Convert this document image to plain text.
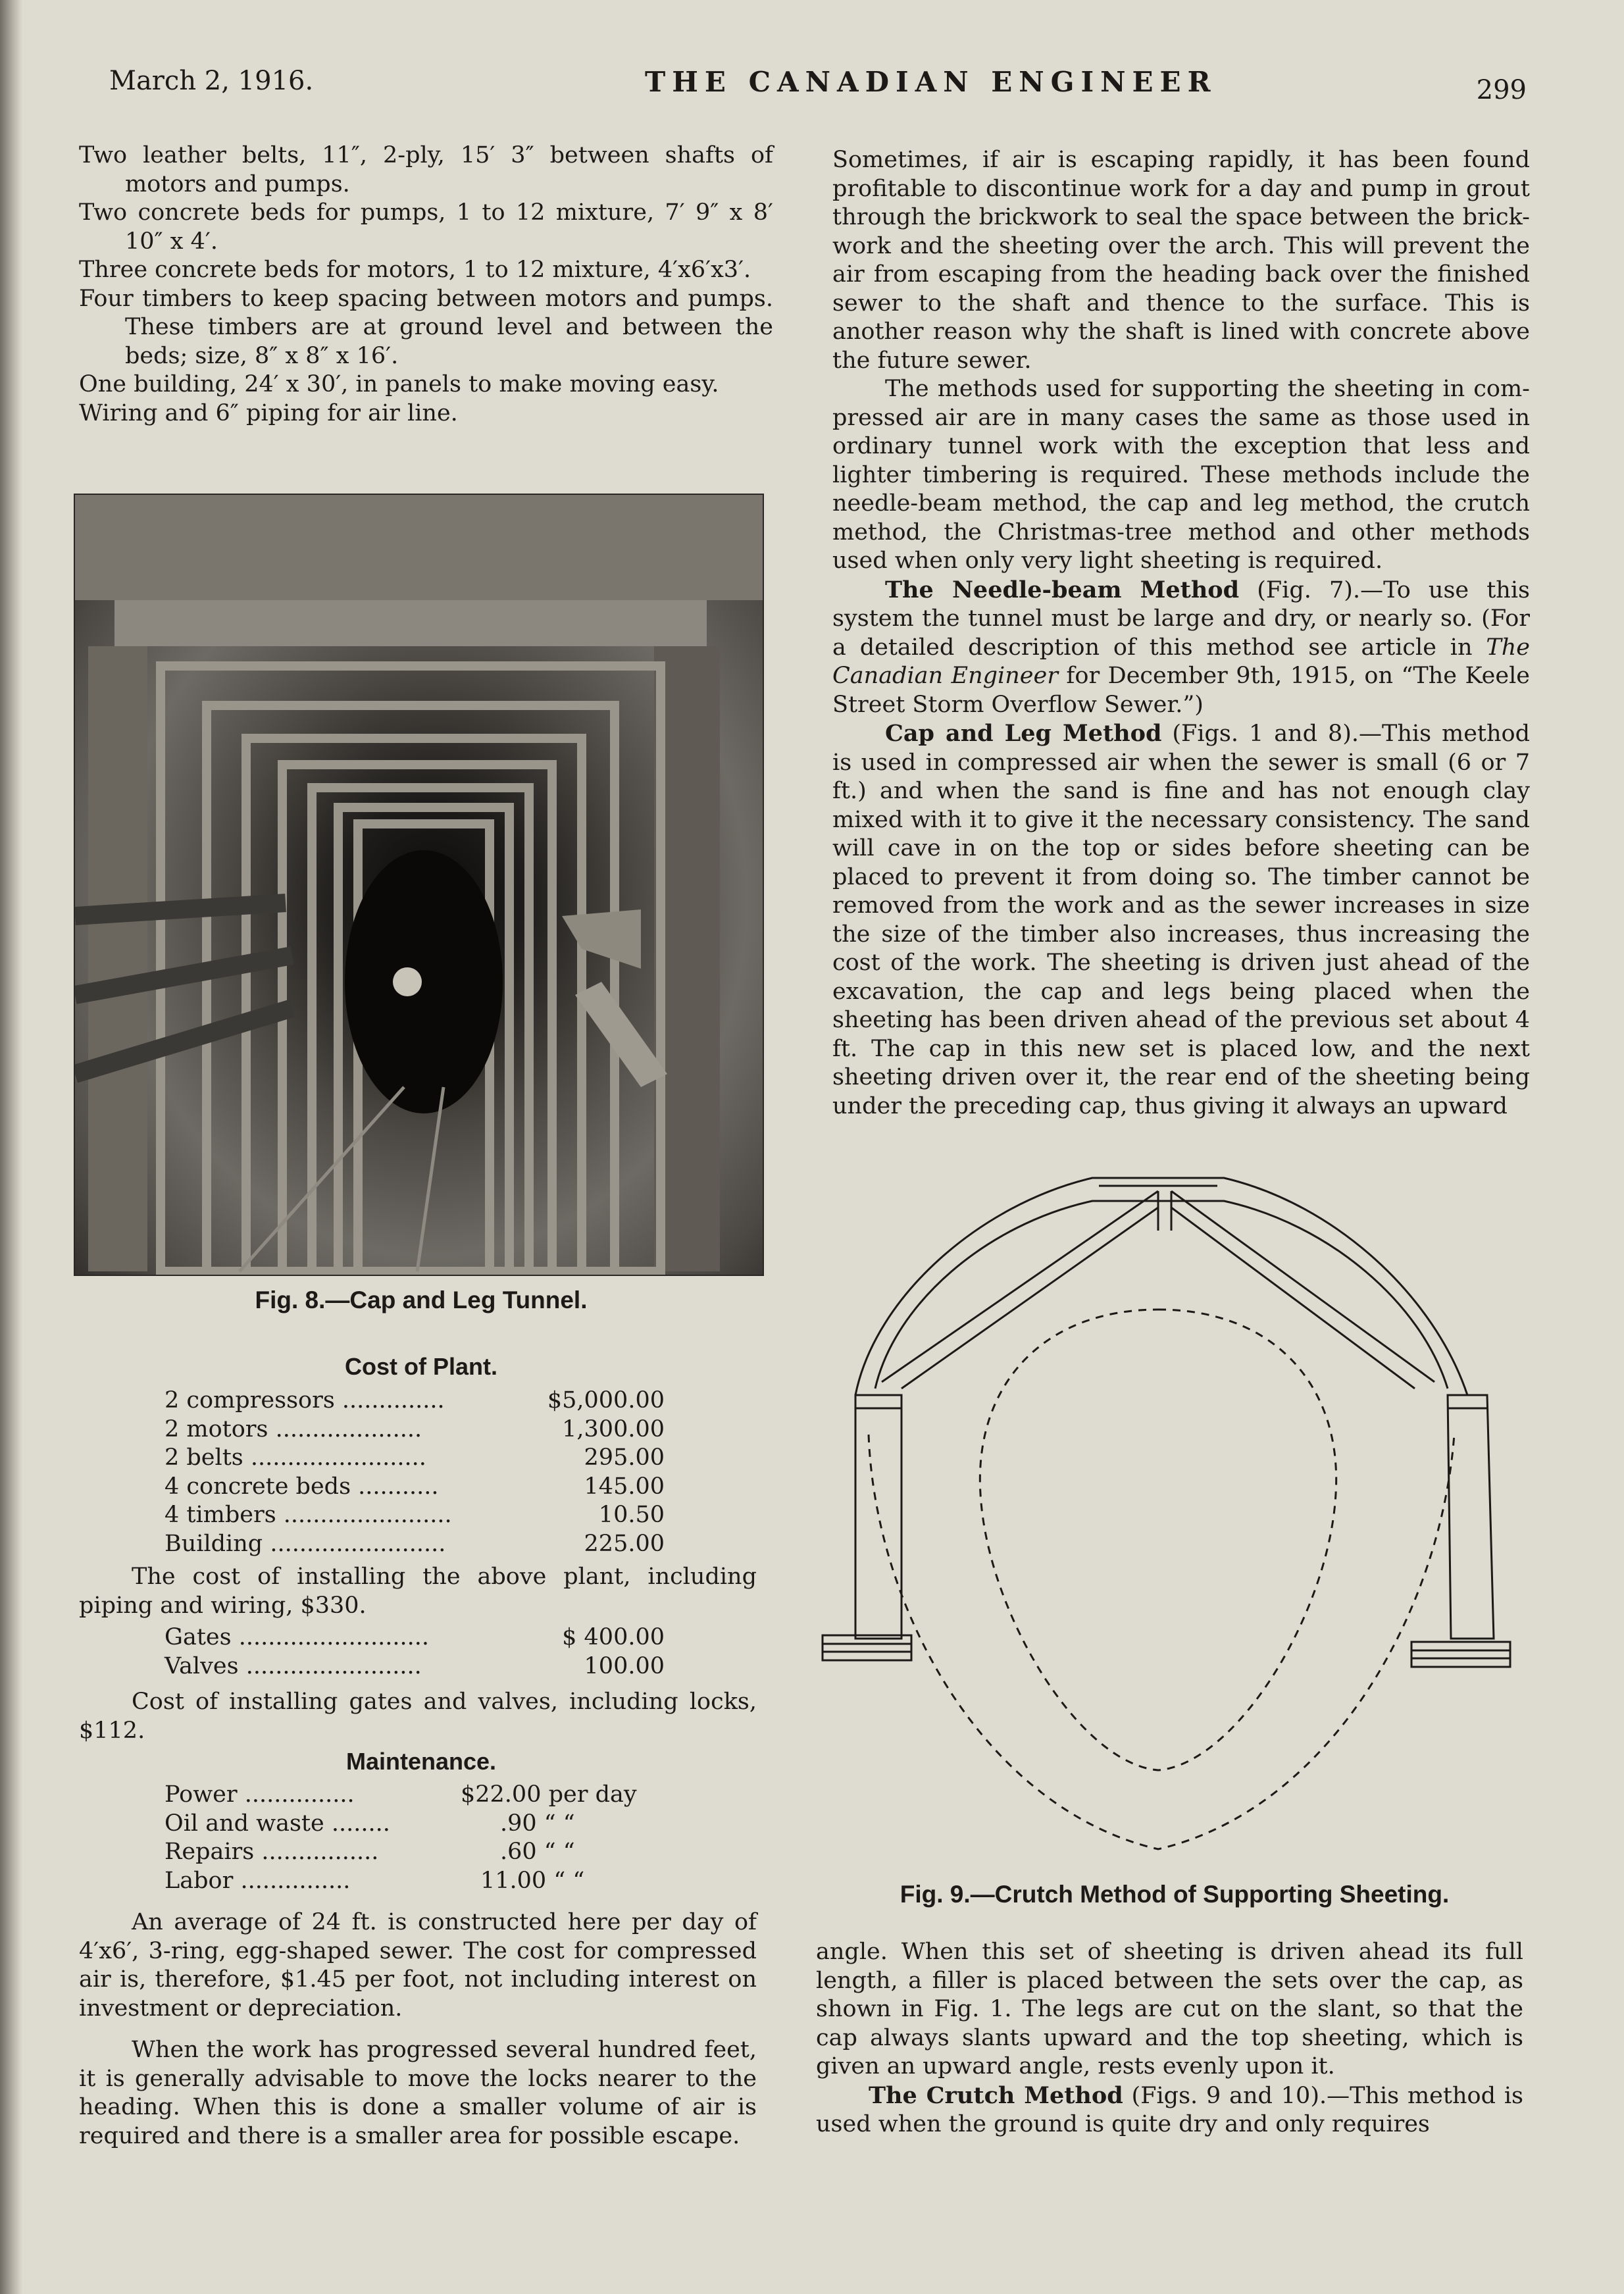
March 2, 1916.	THE CANADIAN ENGINEER	299

Two leather belts, 11″, 2-ply, 15′ 3″ between shafts of motors and pumps.

Two concrete beds for pumps, 1 to 12 mixture, 7′ 9″ x 8′ 10″ x 4′.

Three concrete beds for motors, 1 to 12 mixture, 4′x6′x3′.

Four timbers to keep spacing between motors and pumps. These timbers are at ground level and between the beds; size, 8″ x 8″ x 16′.

One building, 24′ x 30′, in panels to make moving easy.

Wiring and 6″ piping for air line.

Fig. 8.—Cap and Leg Tunnel.

Cost of Plant.

2 compressors ..............	$5,000.00
2 motors ....................	1,300.00
2 belts ........................	295.00
4 concrete beds ...........	145.00
4 timbers .......................	10.50
Building ........................	225.00

The cost of installing the above plant, including piping and wiring, $330.

Gates ..........................	$ 400.00
Valves ........................	100.00

Cost of installing gates and valves, including locks, $112.

Maintenance.

Power ...............	$22.00 per day
Oil and waste ........	.90 “ “
Repairs ................	.60 “ “
Labor ...............	11.00 “ “

An average of 24 ft. is constructed here per day of 4′x6′, 3-ring, egg-shaped sewer. The cost for compressed air is, therefore, $1.45 per foot, not including interest on investment or depreciation.

When the work has progressed several hundred feet, it is generally advisable to move the locks nearer to the heading. When this is done a smaller volume of air is required and there is a smaller area for possible escape.

Sometimes, if air is escaping rapidly, it has been found profitable to discontinue work for a day and pump in grout through the brickwork to seal the space between the brick-work and the sheeting over the arch. This will prevent the air from escaping from the heading back over the finished sewer to the shaft and thence to the surface. This is another reason why the shaft is lined with concrete above the future sewer.

The methods used for supporting the sheeting in com-pressed air are in many cases the same as those used in ordinary tunnel work with the exception that less and lighter timbering is required. These methods include the needle-beam method, the cap and leg method, the crutch method, the Christmas-tree method and other methods used when only very light sheeting is required.

The Needle-beam Method (Fig. 7).—To use this system the tunnel must be large and dry, or nearly so. (For a detailed description of this method see article in The Canadian Engineer for December 9th, 1915, on “The Keele Street Storm Overflow Sewer.”)

Cap and Leg Method (Figs. 1 and 8).—This method is used in compressed air when the sewer is small (6 or 7 ft.) and when the sand is fine and has not enough clay mixed with it to give it the necessary consistency. The sand will cave in on the top or sides before sheeting can be placed to prevent it from doing so. The timber cannot be removed from the work and as the sewer increases in size the size of the timber also increases, thus increasing the cost of the work. The sheeting is driven just ahead of the excavation, the cap and legs being placed when the sheeting has been driven ahead of the previous set about 4 ft. The cap in this new set is placed low, and the next sheeting driven over it, the rear end of the sheeting being under the preceding cap, thus giving it always an upward

Fig. 9.—Crutch Method of Supporting Sheeting.

angle. When this set of sheeting is driven ahead its full length, a filler is placed between the sets over the cap, as shown in Fig. 1. The legs are cut on the slant, so that the cap always slants upward and the top sheeting, which is given an upward angle, rests evenly upon it.

The Crutch Method (Figs. 9 and 10).—This method is used when the ground is quite dry and only requires
